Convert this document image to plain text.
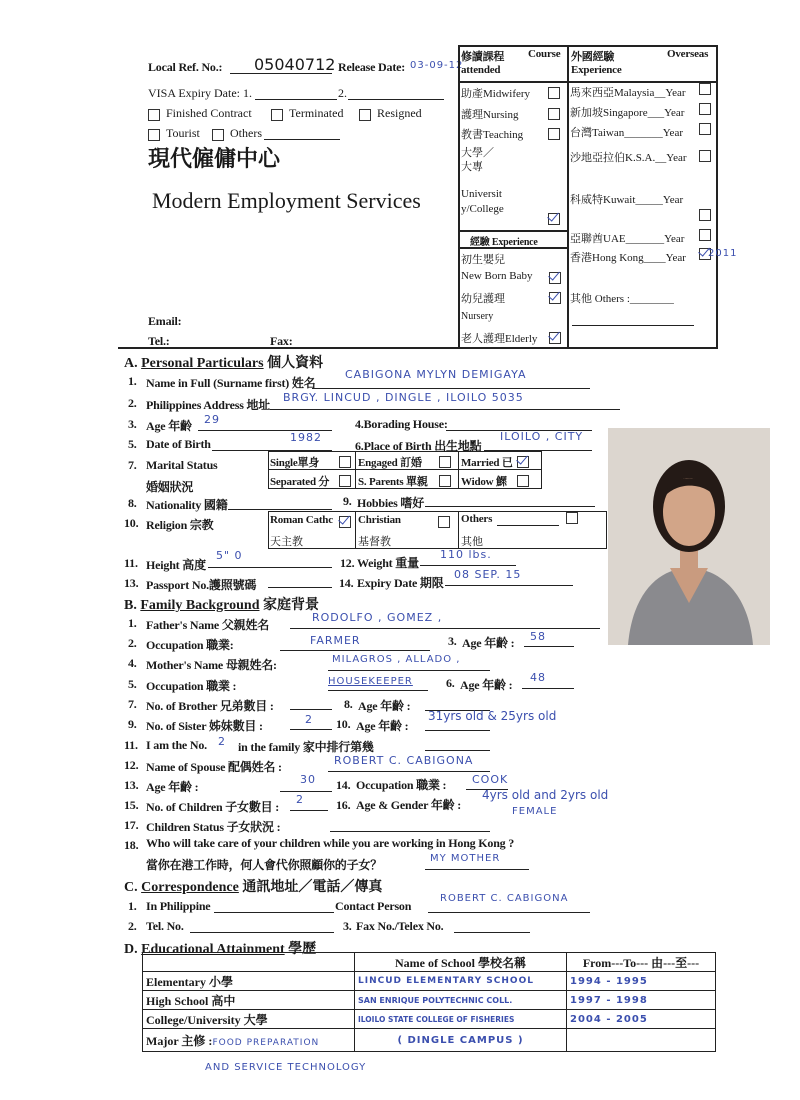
Local Ref. No.: 05040712 Release Date: 03-09-12
VISA Expiry Date: 1.	2.
Finished Contract	Terminated	Resigned
Tourist	Others
現代僱傭中心
Modern Employment Services
Email:
Tel.:	Fax:
修讀課程 Course
attended
助產Midwifery
護理Nursing
教書Teaching
大學／
大專
Universit
y/College
經驗 Experience
初生嬰兒
New Born Baby
幼兒護理
Nursery
老人護理Elderly
外國經驗	Overseas
Experience
馬來西亞Malaysia__Year
新加坡Singapore___Year
台灣Taiwan_______Year
沙地亞拉伯K.S.A.__Year
科威特Kuwait_____Year
亞聯酋UAE_______Year
香港Hong Kong____Year 2011
其他 Others :________
A. Personal Particulars 個人資料
1. Name in Full (Surname first) 姓名
CABIGONA MYLYN DEMIGAYA
2. Philippines Address 地址
BRGY. LINCUD , DINGLE , ILOILO 5035
3. Age 年齡 29	4.Borading House:
5. Date of Birth	1982
6.Place of Birth 出生地點
ILOILO , CITY
7. Marital Status
婚姻狀況
Single單身	Engaged 訂婚	Married 已
Separated 分	S. Parents 單親	Widow 鰥
8. Nationality 國籍	9. Hobbies 嗜好
10. Religion 宗教	Roman Cathc Christian	Others
天主教	基督教	其他
11. Height 高度
5" 0
12. Weight 重量
110 lbs.
13. Passport No.護照號碼	14. Expiry Date 期限
08 SEP. 15
B. Family Background 家庭背景
1. Father's Name 父親姓名
RODOLFO , GOMEZ ,
2. Occupation 職業:	FARMER	3. Age 年齡 : 58
4. Mother's Name 母親姓名:	MILAGROS , ALLADO ,
5. Occupation 職業 :	HOUSEKEEPER	6. Age 年齡 :
48
7. No. of Brother 兄弟數目 :	8. Age 年齡 :
9. No. of Sister 姊妹數目 :	2 10. Age 年齡 :
31yrs old & 25yrs old
11. I am the No. 2 in the family 家中排行第幾
12. Name of Spouse 配偶姓名 :	ROBERT C. CABIGONA
13. Age 年齡 :
30 14. Occupation 職業 : COOK
15. No. of Children 子女數目 :
2	16. Age & Gender 年齡 :
4yrs old and 2yrs old
FEMALE
17. Children Status 子女狀況 :
18. Who will take care of your children while you are working in Hong Kong ?
當你在港工作時，何人會代你照顧你的子女？	MY MOTHER
C. Correspondence 通訊地址／電話／傳真
1. In Philippine	Contact Person
ROBERT C. CABIGONA
2. Tel. No.	3. Fax No./Telex No.
D. Educational Attainment 學歷
	Name of School 學校名稱	From---To--- 由---至---
Elementary 小學	LINCUD ELEMENTARY SCHOOL	1994 - 1995
High School 高中	SAN ENRIQUE POLYTECHNIC COLL.	1997 - 1998
College/University 大學	ILOILO STATE COLLEGE OF FISHERIES	2004 - 2005
Major 主修 :FOOD PREPARATION	( DINGLE CAMPUS )	
AND SERVICE TECHNOLOGY
